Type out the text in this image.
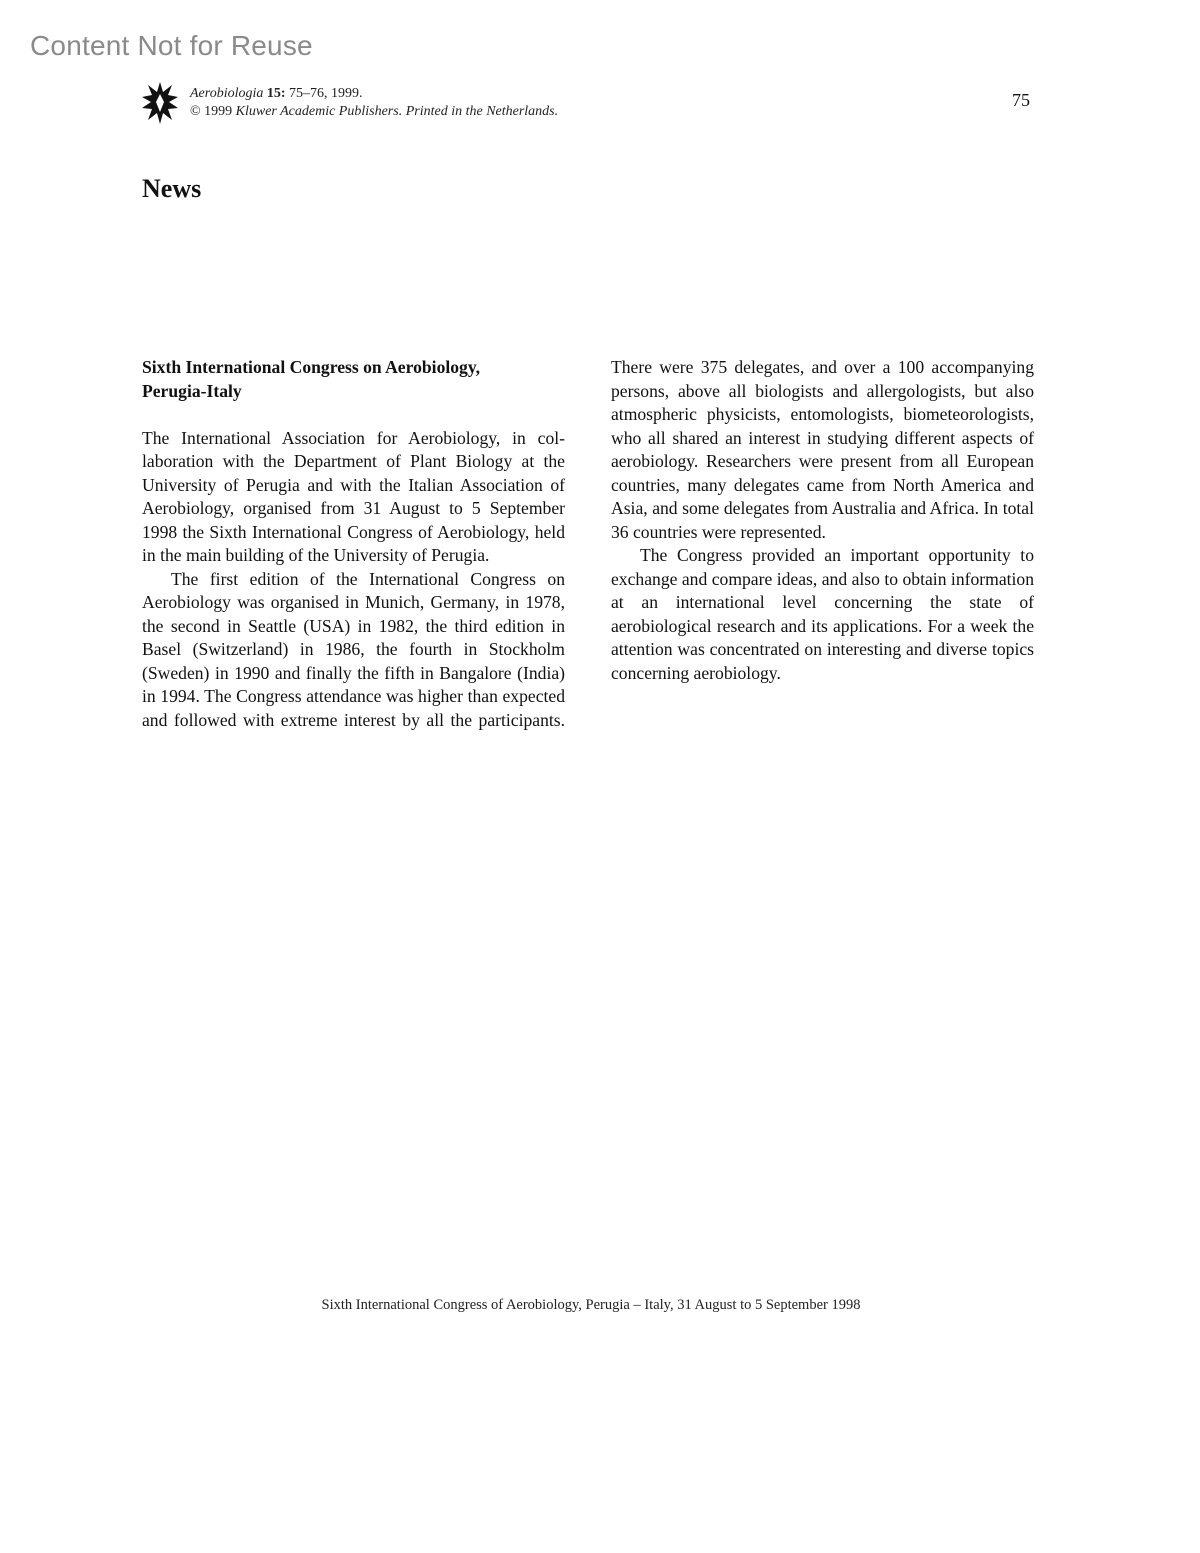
Content Not for Reuse
Aerobiologia 15: 75–76, 1999.
© 1999 Kluwer Academic Publishers. Printed in the Netherlands.
75
News
Sixth International Congress on Aerobiology,
Perugia-Italy

The International Association for Aerobiology, in collaboration with the Department of Plant Biology at the University of Perugia and with the Italian Association of Aerobiology, organised from 31 August to 5 September 1998 the Sixth International Congress of Aerobiology, held in the main building of the University of Perugia.

The first edition of the International Congress on Aerobiology was organised in Munich, Germany, in 1978, the second in Seattle (USA) in 1982, the third edition in Basel (Switzerland) in 1986, the fourth in Stockholm (Sweden) in 1990 and finally the fifth in Bangalore (India) in 1994. The Congress attendance was higher than expected and followed with extreme interest by all the participants.

There were 375 delegates, and over a 100 accompanying persons, above all biologists and allergologists, but also atmospheric physicists, entomologists, biometeorologists, who all shared an interest in studying different aspects of aerobiology. Researchers were present from all European countries, many delegates came from North America and Asia, and some delegates from Australia and Africa. In total 36 countries were represented.

The Congress provided an important opportunity to exchange and compare ideas, and also to obtain information at an international level concerning the state of aerobiological research and its applications. For a week the attention was concentrated on interesting and diverse topics concerning aerobiology.

Sixth International Congress of Aerobiology, Perugia – Italy, 31 August to 5 September 1998
